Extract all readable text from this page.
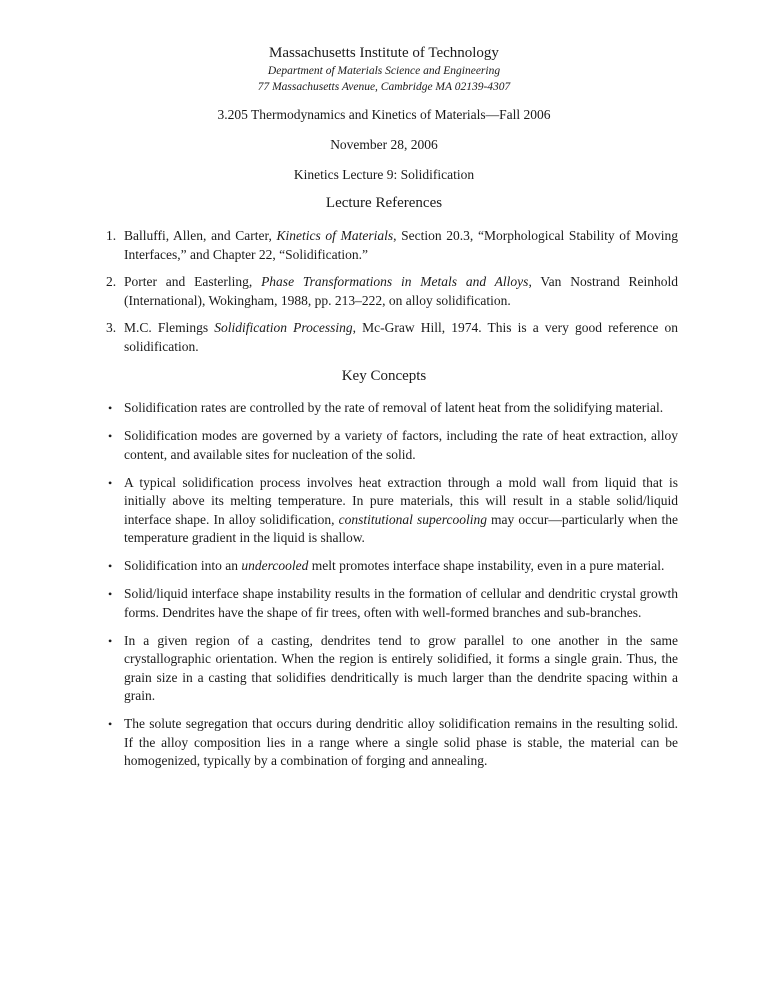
Massachusetts Institute of Technology
Department of Materials Science and Engineering
77 Massachusetts Avenue, Cambridge MA 02139-4307
3.205 Thermodynamics and Kinetics of Materials—Fall 2006
November 28, 2006
Kinetics Lecture 9: Solidification
Lecture References
1. Balluffi, Allen, and Carter, Kinetics of Materials, Section 20.3, “Morphological Stability of Moving Interfaces,” and Chapter 22, “Solidification.”
2. Porter and Easterling, Phase Transformations in Metals and Alloys, Van Nostrand Reinhold (International), Wokingham, 1988, pp. 213–222, on alloy solidification.
3. M.C. Flemings Solidification Processing, Mc-Graw Hill, 1974. This is a very good reference on solidification.
Key Concepts
• Solidification rates are controlled by the rate of removal of latent heat from the solidifying material.
• Solidification modes are governed by a variety of factors, including the rate of heat extraction, alloy content, and available sites for nucleation of the solid.
• A typical solidification process involves heat extraction through a mold wall from liquid that is initially above its melting temperature. In pure materials, this will result in a stable solid/liquid interface shape. In alloy solidification, constitutional supercooling may occur—particularly when the temperature gradient in the liquid is shallow.
• Solidification into an undercooled melt promotes interface shape instability, even in a pure material.
• Solid/liquid interface shape instability results in the formation of cellular and dendritic crystal growth forms. Dendrites have the shape of fir trees, often with well-formed branches and sub-branches.
• In a given region of a casting, dendrites tend to grow parallel to one another in the same crystallographic orientation. When the region is entirely solidified, it forms a single grain. Thus, the grain size in a casting that solidifies dendritically is much larger than the dendrite spacing within a grain.
• The solute segregation that occurs during dendritic alloy solidification remains in the resulting solid. If the alloy composition lies in a range where a single solid phase is stable, the material can be homogenized, typically by a combination of forging and annealing.
